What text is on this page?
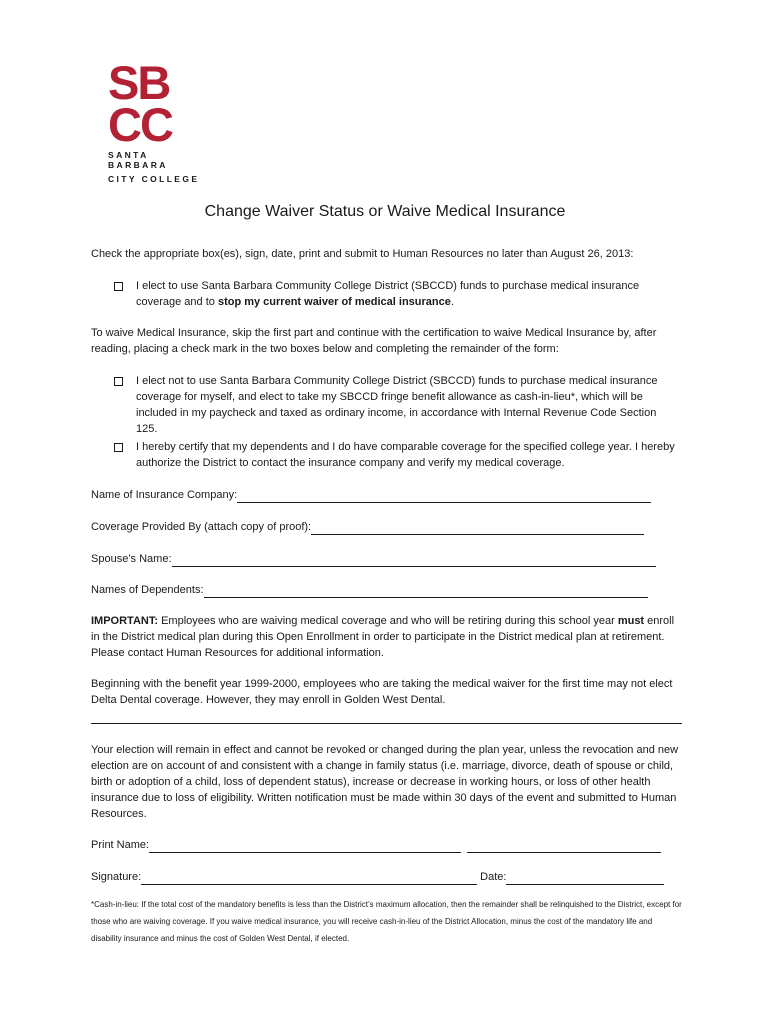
SB
CC
SANTA BARBARA
CITY COLLEGE
Change Waiver Status or Waive Medical Insurance
Check the appropriate box(es), sign, date, print and submit to Human Resources no later than August 26, 2013:
I elect to use Santa Barbara Community College District (SBCCD) funds to purchase medical insurance coverage and to stop my current waiver of medical insurance.
To waive Medical Insurance, skip the first part and continue with the certification to waive Medical Insurance by, after reading, placing a check mark in the two boxes below and completing the remainder of the form:
I elect not to use Santa Barbara Community College District (SBCCD) funds to purchase medical insurance coverage for myself, and elect to take my SBCCD fringe benefit allowance as cash-in-lieu*, which will be included in my paycheck and taxed as ordinary income, in accordance with Internal Revenue Code Section 125.
I hereby certify that my dependents and I do have comparable coverage for the specified college year. I hereby authorize the District to contact the insurance company and verify my medical coverage.
Name of Insurance Company:
Coverage Provided By (attach copy of proof):
Spouse’s Name:
Names of Dependents:
IMPORTANT: Employees who are waiving medical coverage and who will be retiring during this school year must enroll in the District medical plan during this Open Enrollment in order to participate in the District medical plan at retirement. Please contact Human Resources for additional information.
Beginning with the benefit year 1999-2000, employees who are taking the medical waiver for the first time may not elect Delta Dental coverage. However, they may enroll in Golden West Dental.
Your election will remain in effect and cannot be revoked or changed during the plan year, unless the revocation and new election are on account of and consistent with a change in family status (i.e. marriage, divorce, death of spouse or child, birth or adoption of a child, loss of dependent status), increase or decrease in working hours, or loss of other health insurance due to loss of eligibility. Written notification must be made within 30 days of the event and submitted to Human Resources.
Print Name:
Signature:	Date:
*Cash-in-lieu: If the total cost of the mandatory benefits is less than the District’s maximum allocation, then the remainder shall be relinquished to the District, except for those who are waiving coverage. If you waive medical insurance, you will receive cash-in-lieu of the District Allocation, minus the cost of the mandatory life and disability insurance and minus the cost of Golden West Dental, if elected.
